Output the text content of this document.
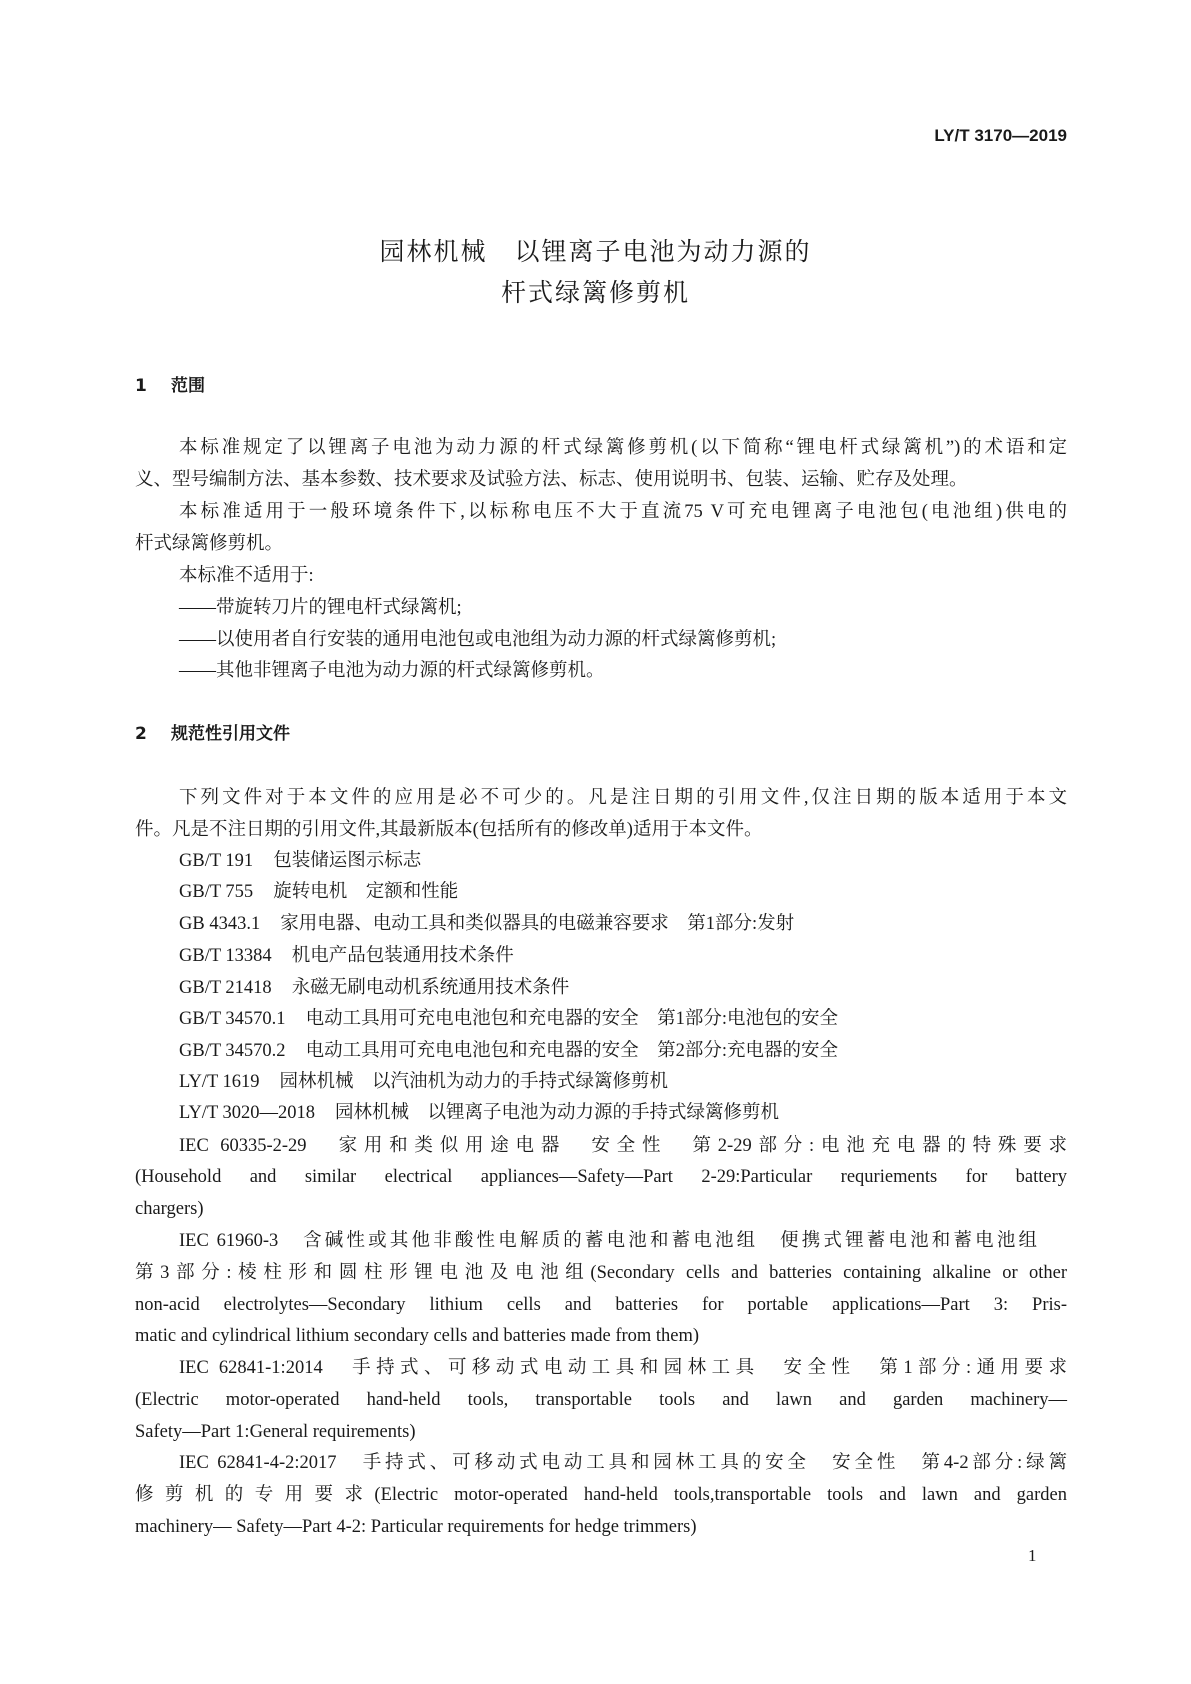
LY/T 3170—2019
园林机械　以锂离子电池为动力源的
杆式绿篱修剪机
1 范围
本标准规定了以锂离子电池为动力源的杆式绿篱修剪机(以下简称“锂电杆式绿篱机”)的术语和定
义、型号编制方法、基本参数、技术要求及试验方法、标志、使用说明书、包装、运输、贮存及处理。
本标准适用于一般环境条件下,以标称电压不大于直流75 V可充电锂离子电池包(电池组)供电的
杆式绿篱修剪机。
本标准不适用于:
——带旋转刀片的锂电杆式绿篱机;
——以使用者自行安装的通用电池包或电池组为动力源的杆式绿篱修剪机;
——其他非锂离子电池为动力源的杆式绿篱修剪机。
2 规范性引用文件
下列文件对于本文件的应用是必不可少的。凡是注日期的引用文件,仅注日期的版本适用于本文
件。凡是不注日期的引用文件,其最新版本(包括所有的修改单)适用于本文件。
GB/T 191 包装储运图示标志
GB/T 755 旋转电机　定额和性能
GB 4343.1 家用电器、电动工具和类似器具的电磁兼容要求　第1部分:发射
GB/T 13384 机电产品包装通用技术条件
GB/T 21418 永磁无刷电动机系统通用技术条件
GB/T 34570.1 电动工具用可充电电池包和充电器的安全　第1部分:电池包的安全
GB/T 34570.2 电动工具用可充电电池包和充电器的安全　第2部分:充电器的安全
LY/T 1619 园林机械　以汽油机为动力的手持式绿篱修剪机
LY/T 3020—2018 园林机械　以锂离子电池为动力源的手持式绿篱修剪机
IEC 60335-2-29　家用和类似用途电器　安全性　第2-29部分:电池充电器的特殊要求
(Household and similar electrical appliances—Safety—Part 2-29:Particular requriements for battery
chargers)
IEC 61960-3　含碱性或其他非酸性电解质的蓄电池和蓄电池组　便携式锂蓄电池和蓄电池组
第3部分:棱柱形和圆柱形锂电池及电池组(Secondary cells and batteries containing alkaline or other
non-acid electrolytes—Secondary lithium cells and batteries for portable applications—Part 3: Pris-
matic and cylindrical lithium secondary cells and batteries made from them)
IEC 62841-1:2014　手持式、可移动式电动工具和园林工具　安全性　第1部分:通用要求
(Electric motor-operated hand-held tools, transportable tools and lawn and garden machinery—
Safety—Part 1:General requirements)
IEC 62841-4-2:2017　手持式、可移动式电动工具和园林工具的安全　安全性　第4-2部分:绿篱
修剪机的专用要求(Electric motor-operated hand-held tools,transportable tools and lawn and garden
machinery— Safety—Part 4-2: Particular requirements for hedge trimmers)
1
